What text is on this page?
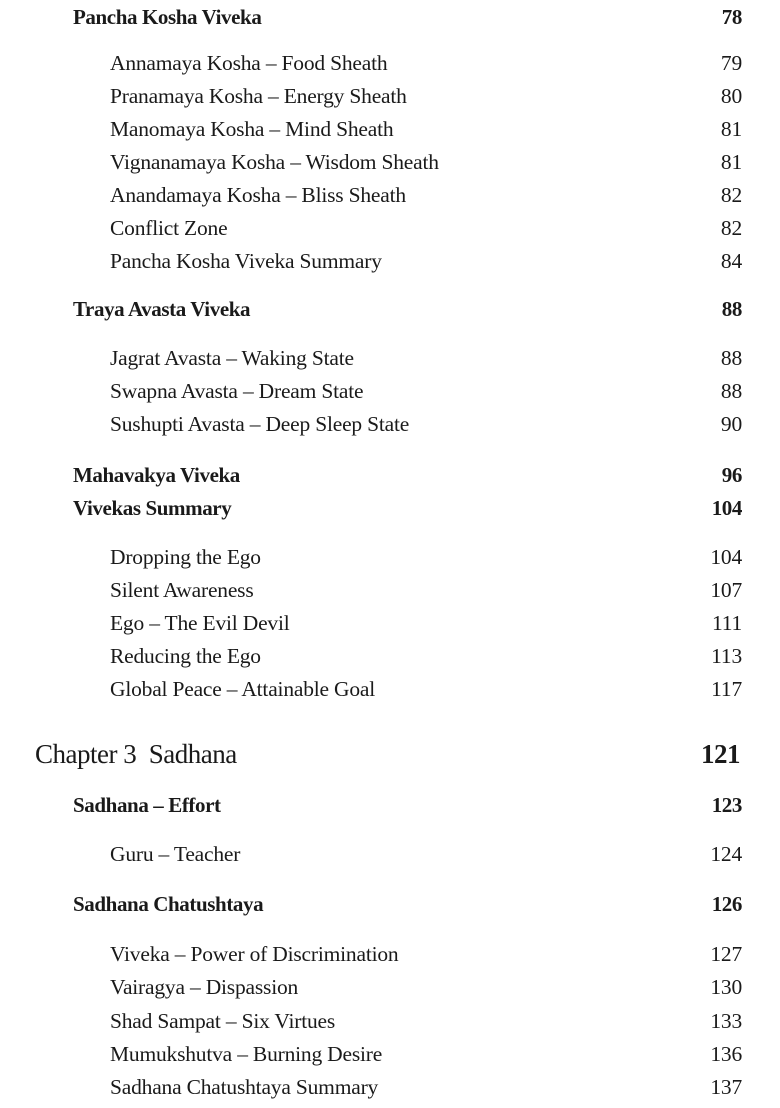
Pancha Kosha Viveka	78
Annamaya Kosha – Food Sheath	79
Pranamaya Kosha – Energy Sheath	80
Manomaya Kosha – Mind Sheath	81
Vignanamaya Kosha – Wisdom Sheath	81
Anandamaya Kosha – Bliss Sheath	82
Conflict Zone	82
Pancha Kosha Viveka Summary	84
Traya Avasta Viveka	88
Jagrat Avasta – Waking State	88
Swapna Avasta – Dream State	88
Sushupti Avasta – Deep Sleep State	90
Mahavakya Viveka	96
Vivekas Summary	104
Dropping the Ego	104
Silent Awareness	107
Ego – The Evil Devil	111
Reducing the Ego	113
Global Peace – Attainable Goal	117
Chapter 3  Sadhana	121
Sadhana – Effort	123
Guru – Teacher	124
Sadhana Chatushtaya	126
Viveka – Power of Discrimination	127
Vairagya – Dispassion	130
Shad Sampat – Six Virtues	133
Mumukshutva – Burning Desire	136
Sadhana Chatushtaya Summary	137
